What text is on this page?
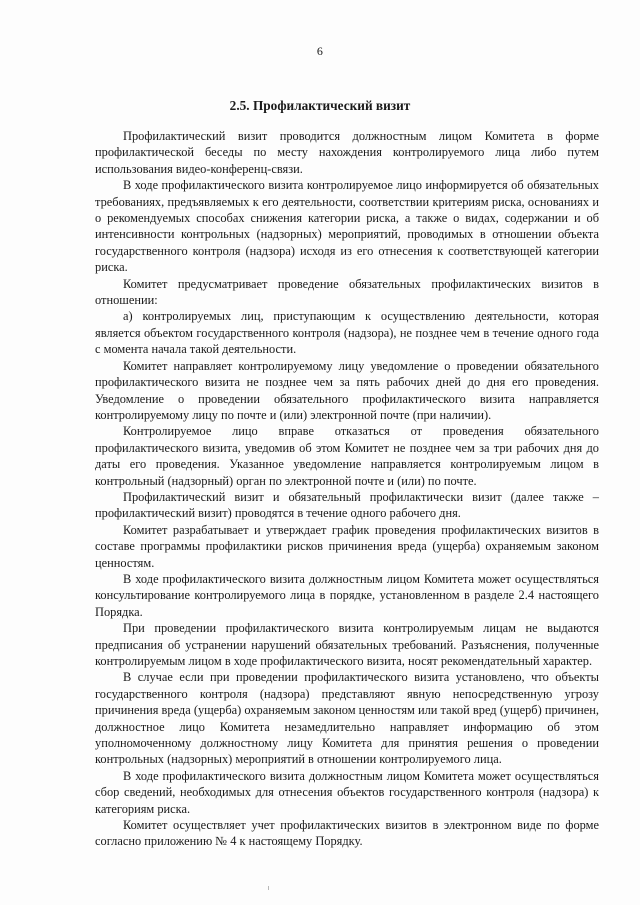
6
2.5. Профилактический визит

Профилактический визит проводится должностным лицом Комитета в форме профилактической беседы по месту нахождения контролируемого лица либо путем использования видео-конференц-связи.

В ходе профилактического визита контролируемое лицо информируется об обязательных требованиях, предъявляемых к его деятельности, соответствии критериям риска, основаниях и о рекомендуемых способах снижения категории риска, а также о видах, содержании и об интенсивности контрольных (надзорных) мероприятий, проводимых в отношении объекта государственного контроля (надзора) исходя из его отнесения к соответствующей категории риска.

Комитет предусматривает проведение обязательных профилактических визитов в отношении:

а) контролируемых лиц, приступающим к осуществлению деятельности, которая является объектом государственного контроля (надзора), не позднее чем в течение одного года с момента начала такой деятельности.

Комитет направляет контролируемому лицу уведомление о проведении обязательного профилактического визита не позднее чем за пять рабочих дней до дня его проведения. Уведомление о проведении обязательного профилактического визита направляется контролируемому лицу по почте и (или) электронной почте (при наличии).

Контролируемое лицо вправе отказаться от проведения обязательного профилактического визита, уведомив об этом Комитет не позднее чем за три рабочих дня до даты его проведения. Указанное уведомление направляется контролируемым лицом в контрольный (надзорный) орган по электронной почте и (или) по почте.

Профилактический визит и обязательный профилактически визит (далее также – профилактический визит) проводятся в течение одного рабочего дня.

Комитет разрабатывает и утверждает график проведения профилактических визитов в составе программы профилактики рисков причинения вреда (ущерба) охраняемым законом ценностям.

В ходе профилактического визита должностным лицом Комитета может осуществляться консультирование контролируемого лица в порядке, установленном в разделе 2.4 настоящего Порядка.

При проведении профилактического визита контролируемым лицам не выдаются предписания об устранении нарушений обязательных требований. Разъяснения, полученные контролируемым лицом в ходе профилактического визита, носят рекомендательный характер.

В случае если при проведении профилактического визита установлено, что объекты государственного контроля (надзора) представляют явную непосредственную угрозу причинения вреда (ущерба) охраняемым законом ценностям или такой вред (ущерб) причинен, должностное лицо Комитета незамедлительно направляет информацию об этом уполномоченному должностному лицу Комитета для принятия решения о проведении контрольных (надзорных) мероприятий в отношении контролируемого лица.

В ходе профилактического визита должностным лицом Комитета может осуществляться сбор сведений, необходимых для отнесения объектов государственного контроля (надзора) к категориям риска.

Комитет осуществляет учет профилактических визитов в электронном виде по форме согласно приложению № 4 к настоящему Порядку.
